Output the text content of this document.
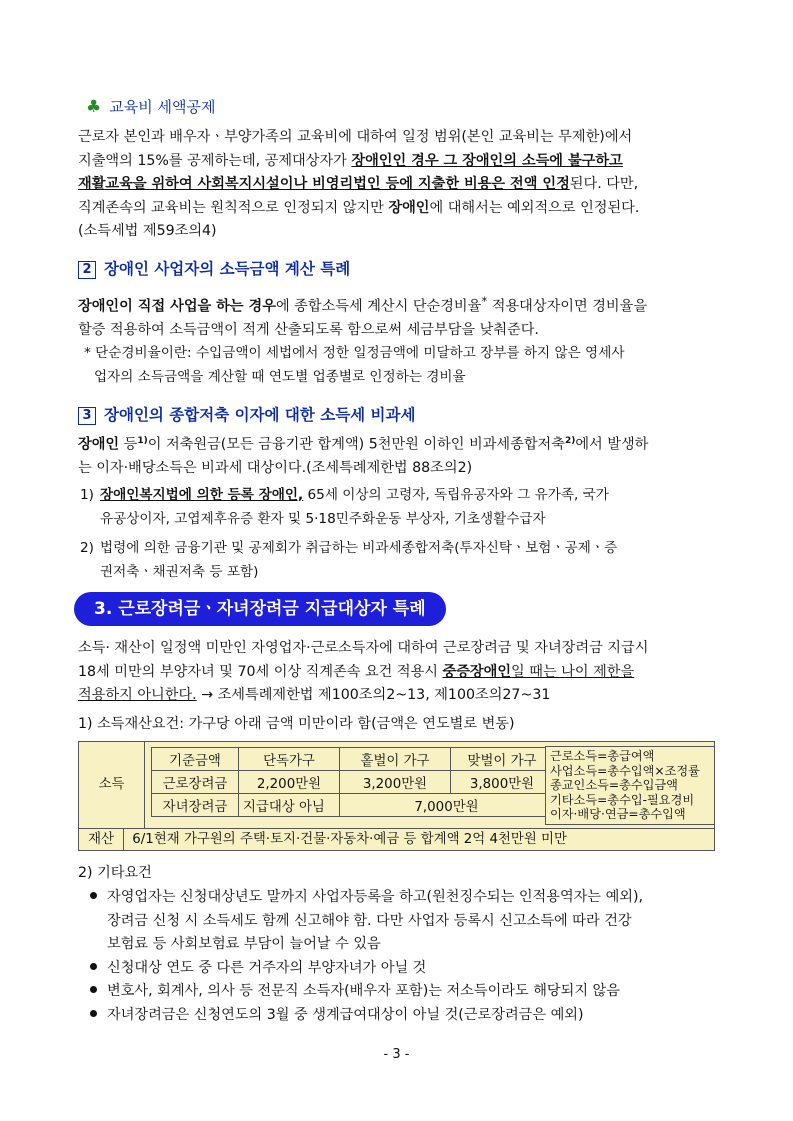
♣ 교육비 세액공제
근로자 본인과 배우자ㆍ부양가족의 교육비에 대하여 일정 범위(본인 교육비는 무제한)에서
지출액의 15%를 공제하는데, 공제대상자가 장애인인 경우 그 장애인의 소득에 불구하고
재활교육을 위하여 사회복지시설이나 비영리법인 등에 지출한 비용은 전액 인정된다. 다만,
직계존속의 교육비는 원칙적으로 인정되지 않지만 장애인에 대해서는 예외적으로 인정된다.
(소득세법 제59조의4)
2 장애인 사업자의 소득금액 계산 특례
장애인이 직접 사업을 하는 경우에 종합소득세 계산시 단순경비율* 적용대상자이면 경비율을
할증 적용하여 소득금액이 적게 산출되도록 함으로써 세금부담을 낮춰준다.
* 단순경비율이란: 수입금액이 세법에서 정한 일정금액에 미달하고 장부를 하지 않은 영세사
업자의 소득금액을 계산할 때 연도별 업종별로 인정하는 경비율
3 장애인의 종합저축 이자에 대한 소득세 비과세
장애인 등$^{1)}$이 저축원금(모든 금융기관 합계액) 5천만원 이하인 비과세종합저축$^{2)}$에서 발생하
는 이자·배당소득은 비과세 대상이다.(조세특례제한법 88조의2)
1) 장애인복지법에 의한 등록 장애인, 65세 이상의 고령자, 독립유공자와 그 유가족, 국가
유공상이자, 고엽제후유증 환자 및 5·18민주화운동 부상자, 기초생활수급자
2) 법령에 의한 금융기관 및 공제회가 취급하는 비과세종합저축(투자신탁ㆍ보험ㆍ공제ㆍ증
권저축ㆍ채권저축 등 포함)
3. 근로장려금ㆍ자녀장려금 지급대상자 특례
소득· 재산이 일정액 미만인 자영업자·근로소득자에 대하여 근로장려금 및 자녀장려금 지급시
18세 미만의 부양자녀 및 70세 이상 직계존속 요건 적용시 중증장애인일 때는 나이 제한을
적용하지 아니한다. → 조세특례제한법 제100조의2~13, 제100조의27~31
1) 소득재산요건: 가구당 아래 금액 미만이라 함(금액은 연도별로 변동)
소득
기준금액	단독가구	홑벌이 가구	맞벌이 가구
근로장려금	2,200만원	3,200만원	3,800만원
자녀장려금	지급대상 아님	7,000만원	
근로소득=총급여액
사업소득=총수입액×조정률
종교인소득=총수입금액
기타소득=총수입-필요경비
이자·배당·연금=총수입액
재산 6/1현재 가구원의 주택·토지·건물·자동차·예금 등 합계액 2억 4천만원 미만
2) 기타요건
자영업자는 신청대상년도 말까지 사업자등록을 하고(원천징수되는 인적용역자는 예외),
장려금 신청 시 소득세도 함께 신고해야 함. 다만 사업자 등록시 신고소득에 따라 건강
보험료 등 사회보험료 부담이 늘어날 수 있음
신청대상 연도 중 다른 거주자의 부양자녀가 아닐 것
변호사, 회계사, 의사 등 전문직 소득자(배우자 포함)는 저소득이라도 해당되지 않음
자녀장려금은 신청연도의 3월 중 생계급여대상이 아닐 것(근로장려금은 예외)
- 3 -
